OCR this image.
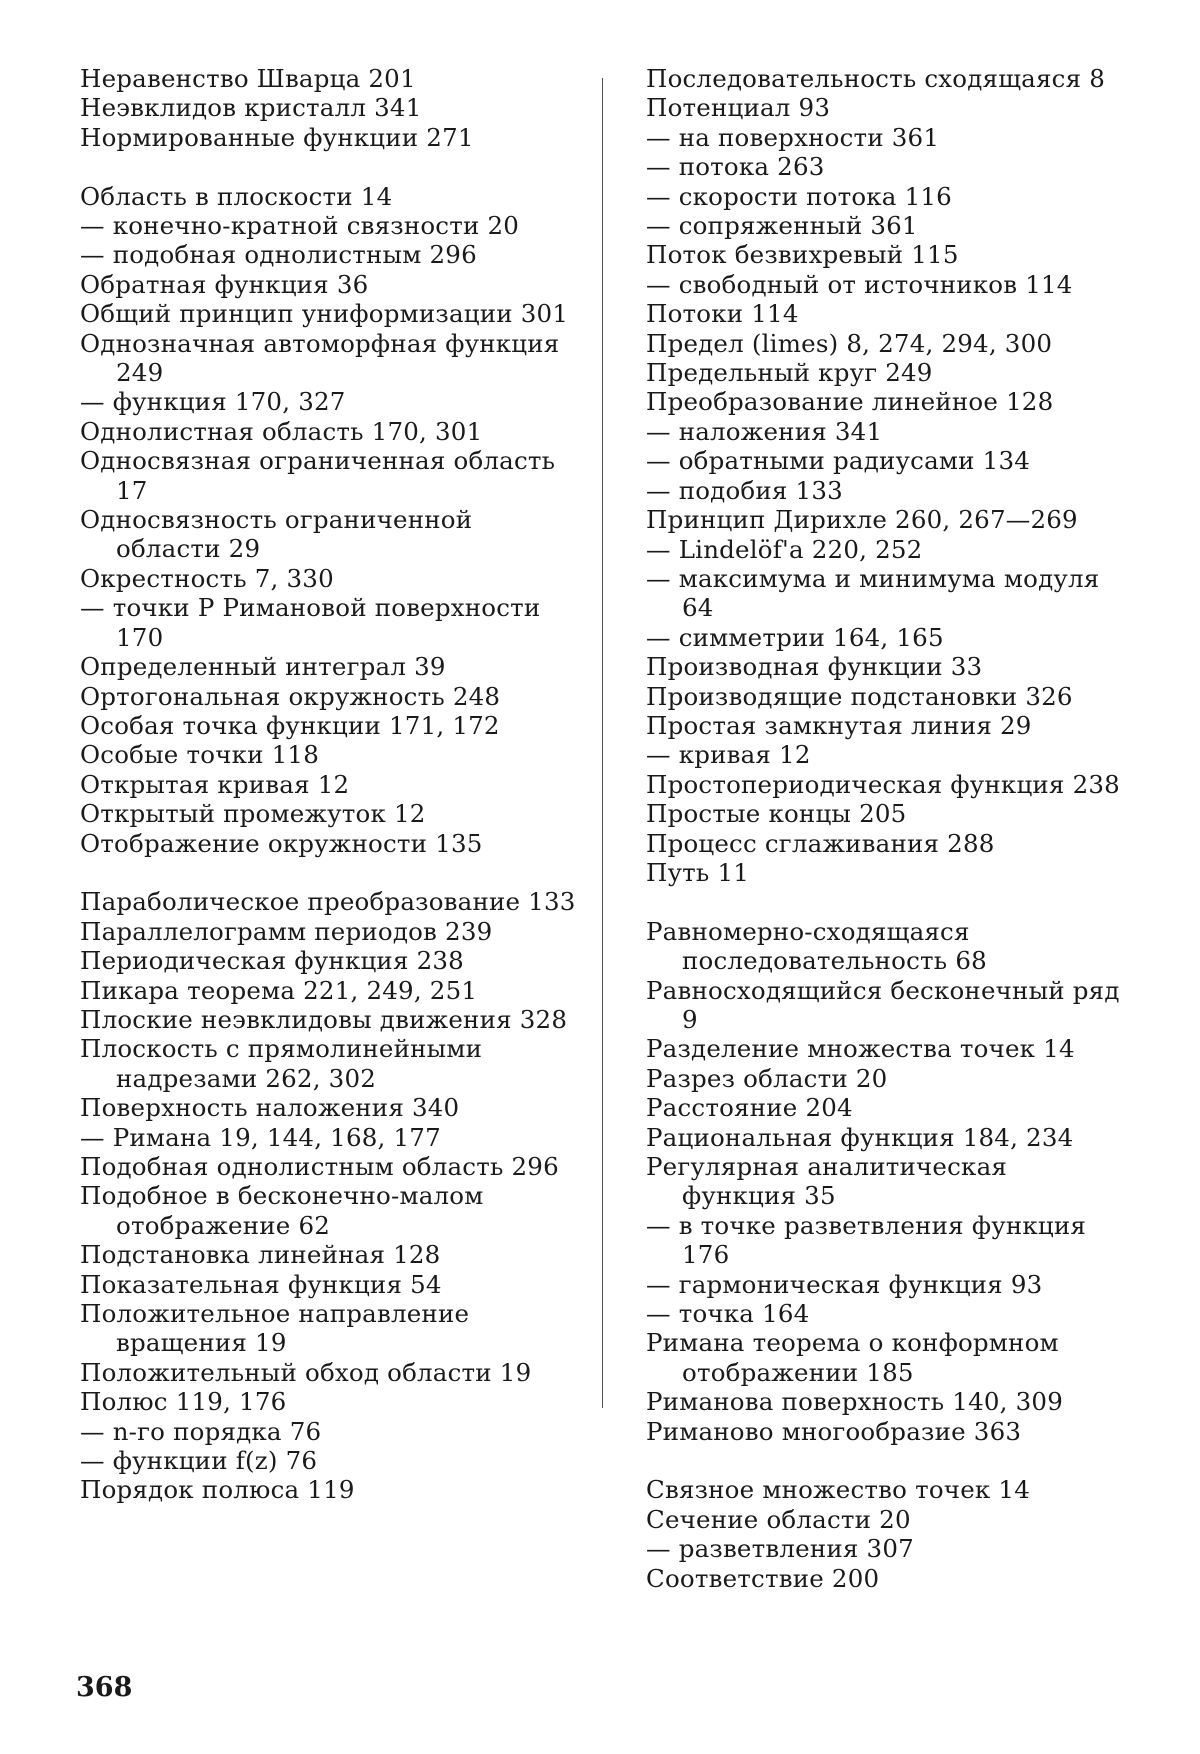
Неравенство Шварца 201
Неэвклидов кристалл 341
Нормированные функции 271
Область в плоскости 14
— конечно-кратной связности 20
— подобная однолистным 296
Обратная функция 36
Общий принцип униформизации 301
Однозначная автоморфная функция 249
— функция 170, 327
Однолистная область 170, 301
Односвязная ограниченная область 17
Односвязность ограниченной области 29
Окрестность 7, 330
— точки P Римановой поверхности 170
Определенный интеграл 39
Ортогональная окружность 248
Особая точка функции 171, 172
Особые точки 118
Открытая кривая 12
Открытый промежуток 12
Отображение окружности 135
Параболическое преобразование 133
Параллелограмм периодов 239
Периодическая функция 238
Пикара теорема 221, 249, 251
Плоские неэвклидовы движения 328
Плоскость с прямолинейными надрезами 262, 302
Поверхность наложения 340
— Римана 19, 144, 168, 177
Подобная однолистным область 296
Подобное в бесконечно-малом отображение 62
Подстановка линейная 128
Показательная функция 54
Положительное направление вращения 19
Положительный обход области 19
Полюс 119, 176
— n-го порядка 76
— функции f(z) 76
Порядок полюса 119
Последовательность сходящаяся 8
Потенциал 93
— на поверхности 361
— потока 263
— скорости потока 116
— сопряженный 361
Поток безвихревый 115
— свободный от источников 114
Потоки 114
Предел (limes) 8, 274, 294, 300
Предельный круг 249
Преобразование линейное 128
— наложения 341
— обратными радиусами 134
— подобия 133
Принцип Дирихле 260, 267—269
— Lindelöf'a 220, 252
— максимума и минимума модуля 64
— симметрии 164, 165
Производная функции 33
Производящие подстановки 326
Простая замкнутая линия 29
— кривая 12
Простопериодическая функция 238
Простые концы 205
Процесс сглаживания 288
Путь 11
Равномерно-сходящаяся последовательность 68
Равносходящийся бесконечный ряд 9
Разделение множества точек 14
Разрез области 20
Расстояние 204
Рациональная функция 184, 234
Регулярная аналитическая функция 35
— в точке разветвления функция 176
— гармоническая функция 93
— точка 164
Римана теорема о конформном отображении 185
Риманова поверхность 140, 309
Риманово многообразие 363
Связное множество точек 14
Сечение области 20
— разветвления 307
Соответствие 200
368
